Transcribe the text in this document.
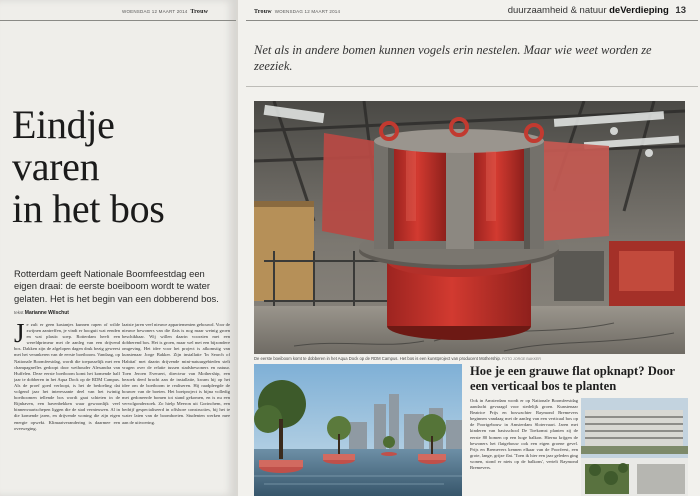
WOENSDAG 12 MAART 2014 Trouw
Eindje
varen
in het bos
Rotterdam geeft Nationale Boomfeestdag een eigen draai: de eerste boeiboom wordt te water gelaten. Het is het begin van een dobberend bos.
tekst Marianne Wilschut
J e zult er geen kastanjes kunnen rapen of wilde zwijnen aantreffen, je vindt er hooguit wat eenden en wat plastic soep. Rotterdam heeft een wereldprimeur met de aanleg van een drijvend bos. Dakken zijn de afgelopen dagen druk bezig geweest met het verankeren van de eerste boeiboom. Vandaag, op Nationale Boomfeestdag, wordt die toepasselijk met een champagnefles gedoopt door wethouder Alexandra van Huffelen. Deze eerste boeiboom komt het komende half jaar te dobberen in het Aqua Dock op de RDM Campus. Als de proef goed verloopt, is het de bedoeling dat volgend jaar het interessante deel van het twintig boeiboomen tellende bos wordt gaat schieten in de Rijnhaven, een havenbekken waar gewoonlijk veel binnenvaartschepen liggen die de stad vernieuwen. Al in die komende jaren, en drijvende woning die zijn eigen energie opwekt. Klimaatverandering is daarmee een overweging.
laatste jaren veel nieuwe appartementen gebouwd. Voor de nieuwe bewoners van die flats is nog maar weinig groen beschikbaar. Wij willen daarin voorzien met een dobberend bos. Het is groen, maar wel met een bijzondere omgeving. Het idee voor het project is afkomstig van kunstenaar Jorge Bakker. Zijn installatie 'In Search of Habitat' met daarin drijvende mini-natuurgebieden stelt vragen over de relatie tussen stadsbewoners en natuur. Toen Jeroen Everaert, directeur van Mothership, een bezoek deed bracht aan de installatie, kwam hij op het idee om de boeiboom te realiseren. Hij raadpleegde de bouwer van de boeien. Het boeiproject is bijna volledig met gedoneerde bomen tot stand gekomen, en is nu een vervolgonderzoek. Zo hielp Meeron uit Gorinchem, een bedrijf gespecialiseerd in offshore constructies, bij het te water laten van de boomboeien. Studenten werken mee aan de uitvoering.
Trouw WOENSDAG 12 MAART 2014	duurzaamheid & natuur deVerdieping 13
Net als in andere bomen kunnen vogels erin nestelen. Maar wie weet worden ze zeeziek.
De eerste boeiboom komt te dobberen in het Aqua Dock op de RDM Campus. Het bos is een kunstproject van producent Mothership. FOTO JORGE BAKKER
Hoe je een grauwe flat opknapt? Door een verticaal bos te planten
Ook in Amsterdam wordt er op Nationale Boomfeestdag aandacht gevraagd voor stedelijk groen. Kunstenaar Beatrice Prijs en boswachter Raymond Bremevers beginnen vandaag met de aanleg van een verticaal bos op de Poortgebouw in Amsterdam Slotervaart. Jaren met kinderen van basisschool De Toekomst planten zij de eerste 80 bomen op een hoge balkon. Hierna krijgen de bewoners het flatgebouw ook een eigen groene gevel. Prijs en Bremevers kennen elkaar van de Poorfeest, een grote, lange, grijze flat. 'Toen ik hier een jaar geleden ging wonen, stond er niets op de balkons', vertelt Raymond Bremevers.
